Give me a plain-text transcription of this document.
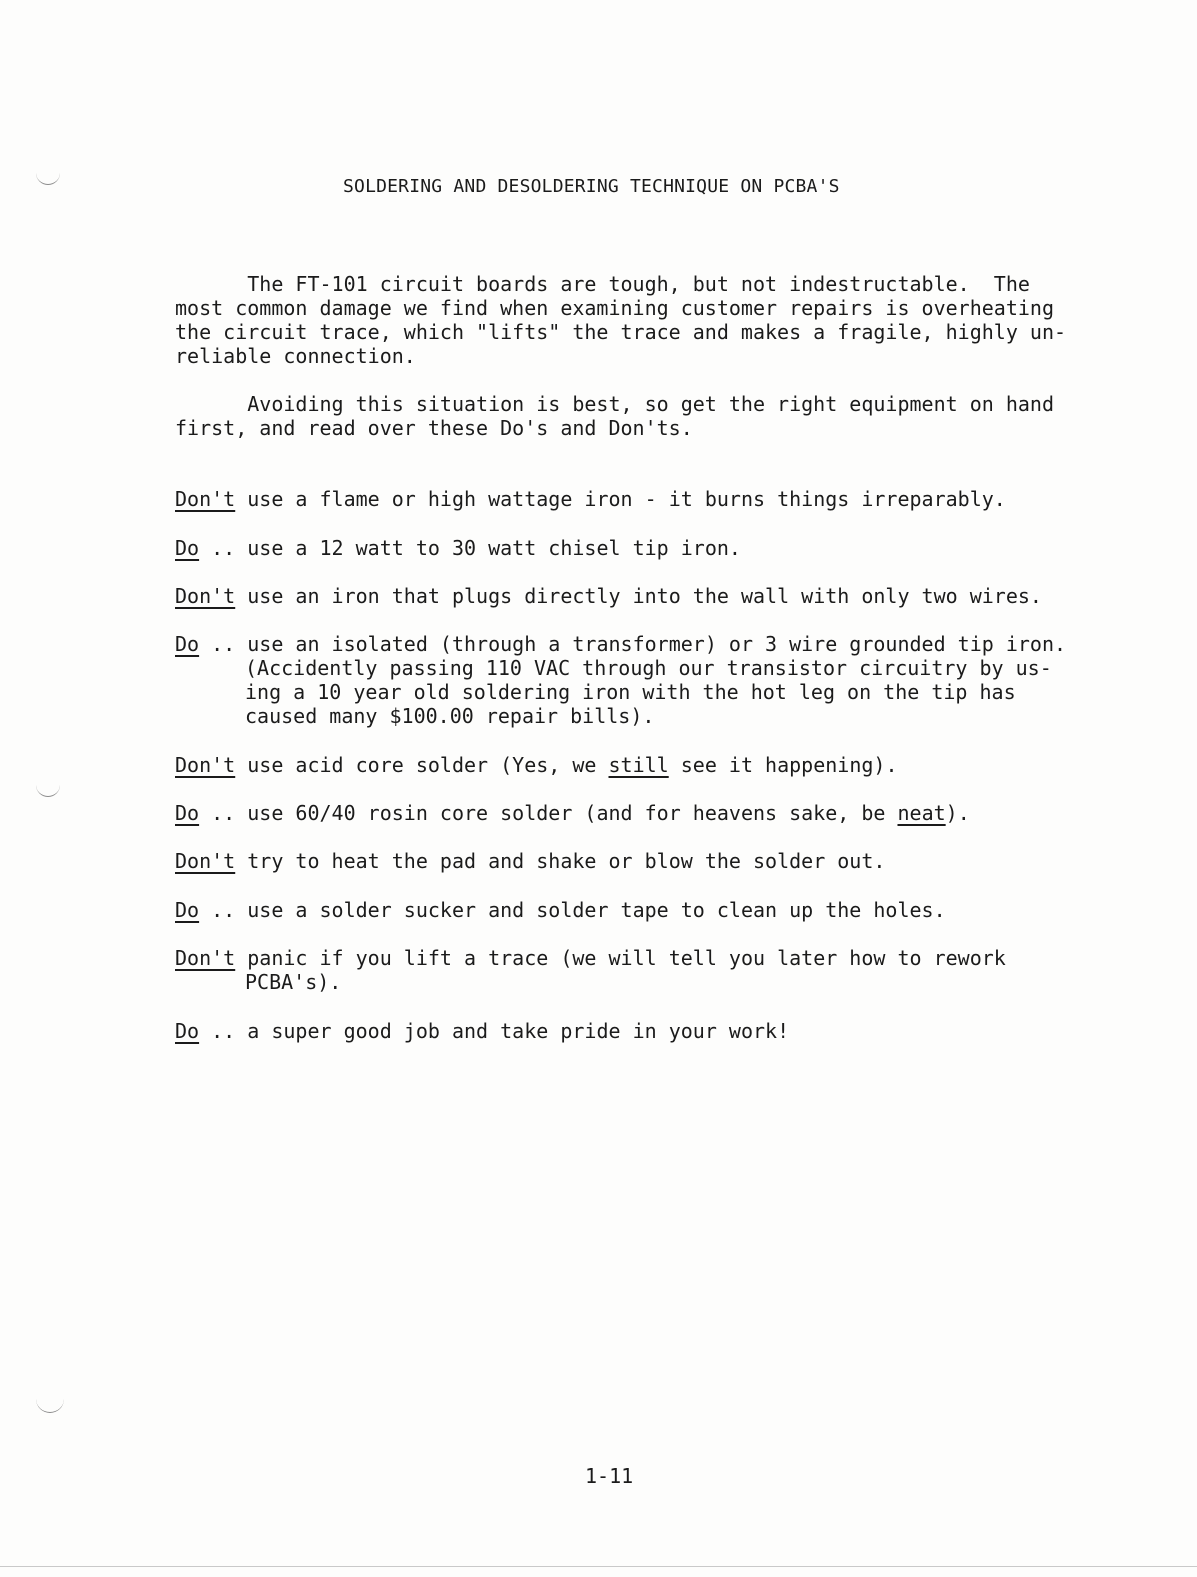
SOLDERING AND DESOLDERING TECHNIQUE ON PCBA'S
The FT-101 circuit boards are tough, but not indestructable.  The
most common damage we find when examining customer repairs is overheating
the circuit trace, which "lifts" the trace and makes a fragile, highly un-
reliable connection.
Avoiding this situation is best, so get the right equipment on hand
first, and read over these Do's and Don'ts.
Don't use a flame or high wattage iron - it burns things irreparably.
Do .. use a 12 watt to 30 watt chisel tip iron.
Don't use an iron that plugs directly into the wall with only two wires.
Do .. use an isolated (through a transformer) or 3 wire grounded tip iron.
(Accidently passing 110 VAC through our transistor circuitry by us-
ing a 10 year old soldering iron with the hot leg on the tip has
caused many $100.00 repair bills).
Don't use acid core solder (Yes, we still see it happening).
Do .. use 60/40 rosin core solder (and for heavens sake, be neat).
Don't try to heat the pad and shake or blow the solder out.
Do .. use a solder sucker and solder tape to clean up the holes.
Don't panic if you lift a trace (we will tell you later how to rework
PCBA's).
Do .. a super good job and take pride in your work!
1-11
